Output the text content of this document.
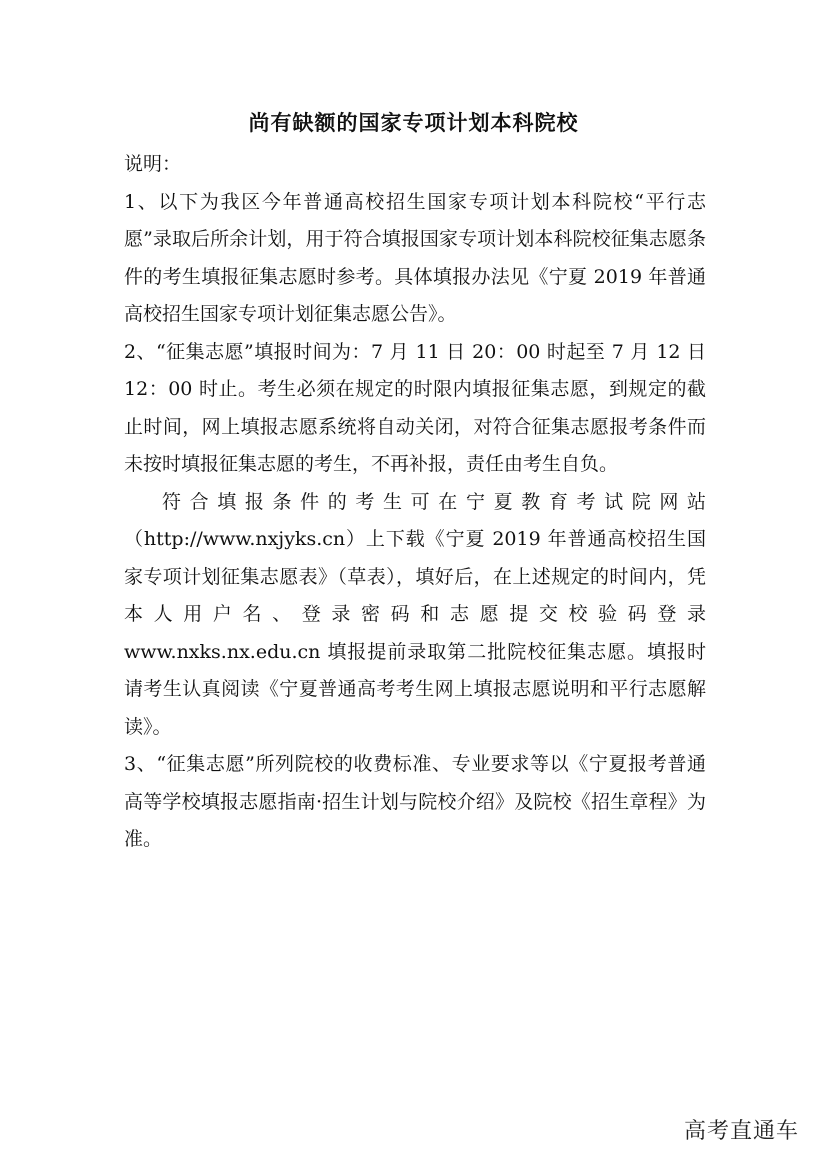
尚有缺额的国家专项计划本科院校

说明：

1、以下为我区今年普通高校招生国家专项计划本科院校“平行志愿”录取后所余计划，用于符合填报国家专项计划本科院校征集志愿条件的考生填报征集志愿时参考。具体填报办法见《宁夏 2019 年普通高校招生国家专项计划征集志愿公告》。

2、“征集志愿”填报时间为：7 月 11 日 20：00 时起至 7 月 12 日 12：00 时止。考生必须在规定的时限内填报征集志愿，到规定的截止时间，网上填报志愿系统将自动关闭，对符合征集志愿报考条件而未按时填报征集志愿的考生，不再补报，责任由考生自负。

符合填报条件的考生可在宁夏教育考试院网站（http://www.nxjyks.cn）上下载《宁夏 2019 年普通高校招生国家专项计划征集志愿表》（草表），填好后，在上述规定的时间内，凭本人用户名、登录密码和志愿提交校验码登录 www.nxks.nx.edu.cn 填报提前录取第二批院校征集志愿。填报时请考生认真阅读《宁夏普通高考考生网上填报志愿说明和平行志愿解读》。

3、“征集志愿”所列院校的收费标准、专业要求等以《宁夏报考普通高等学校填报志愿指南·招生计划与院校介绍》及院校《招生章程》为准。

高考直通车
